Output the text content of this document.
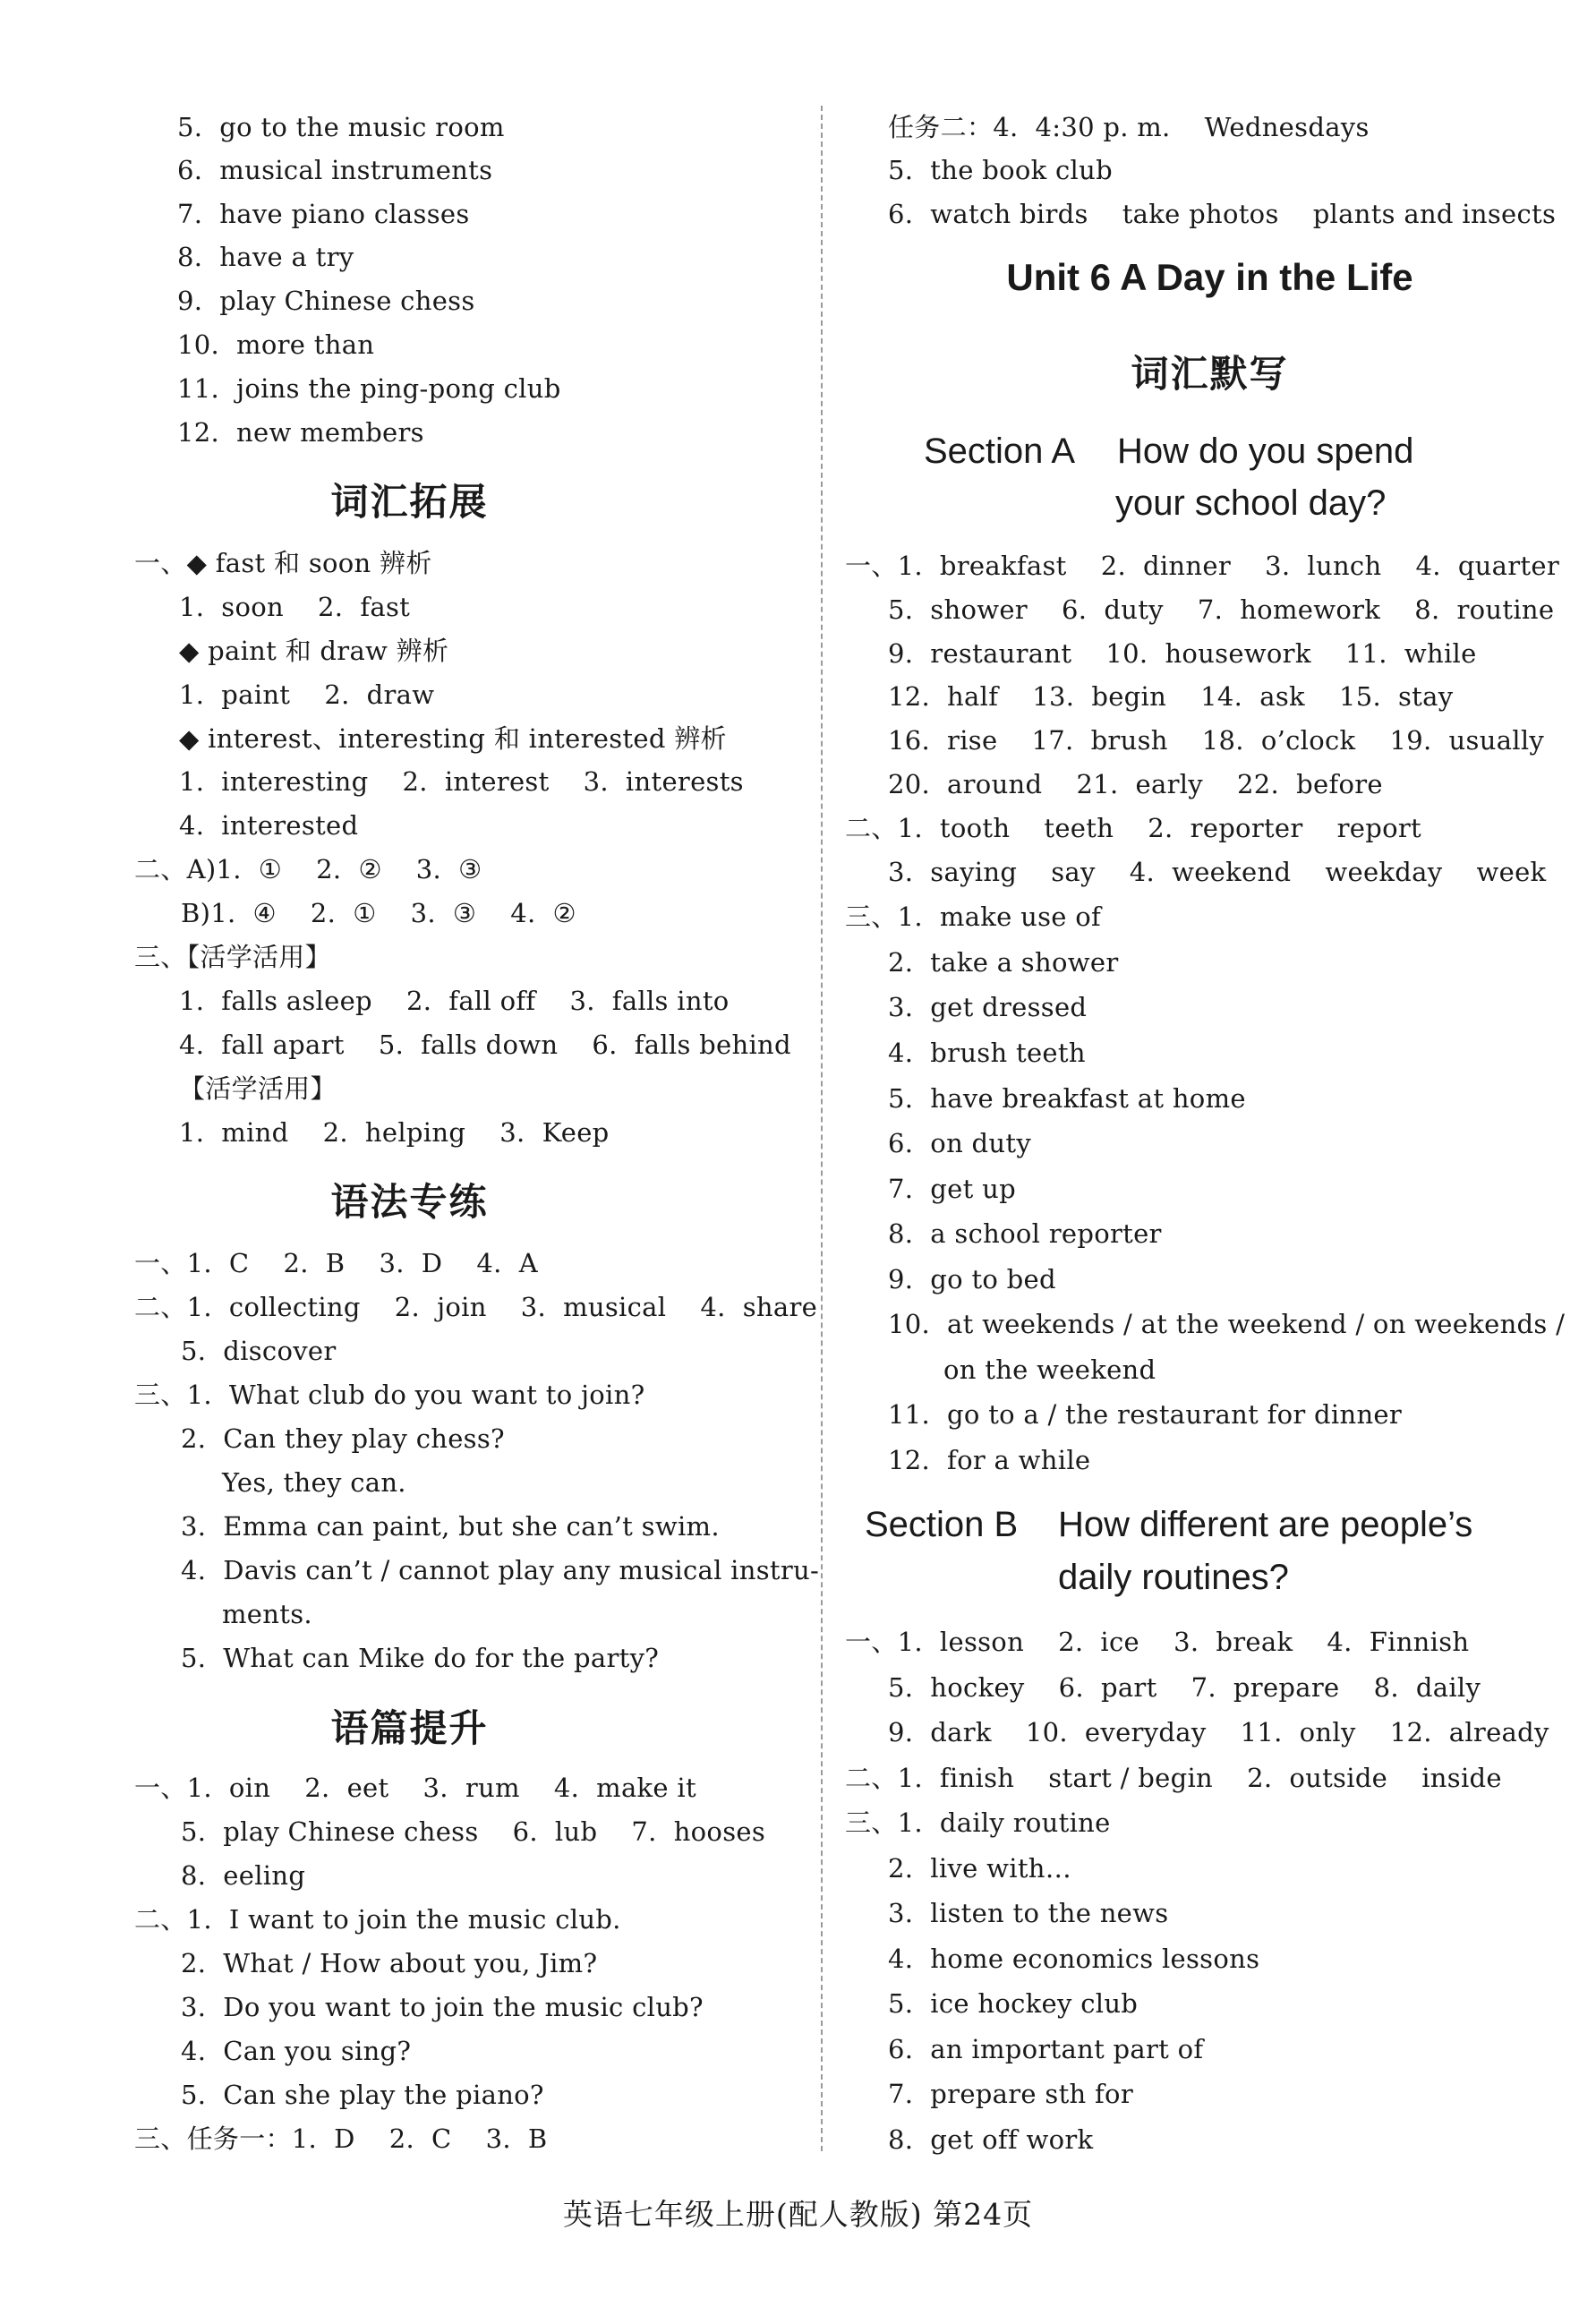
5.  go to the music room
6.  musical instruments
7.  have piano classes
8.  have a try
9.  play Chinese chess
10.  more than
11.  joins the ping-pong club
12.  new members
词汇拓展
一、◆ fast 和 soon 辨析
1.  soon    2.  fast
◆ paint 和 draw 辨析
1.  paint    2.  draw
◆ interest、interesting 和 interested 辨析
1.  interesting    2.  interest    3.  interests
4.  interested
二、A)1.  ①    2.  ②    3.  ③
B)1.  ④    2.  ①    3.  ③    4.  ②
三、【活学活用】
1.  falls asleep    2.  fall off    3.  falls into
4.  fall apart    5.  falls down    6.  falls behind
【活学活用】
1.  mind    2.  helping    3.  Keep
语法专练
一、1.  C    2.  B    3.  D    4.  A
二、1.  collecting    2.  join    3.  musical    4.  share
5.  discover
三、1.  What club do you want to join?
2.  Can they play chess?
Yes, they can.
3.  Emma can paint, but she can’t swim.
4.  Davis can’t / cannot play any musical instru-
ments.
5.  What can Mike do for the party?
语篇提升
一、1.  oin    2.  eet    3.  rum    4.  make it
5.  play Chinese chess    6.  lub    7.  hooses
8.  eeling
二、1.  I want to join the music club.
2.  What / How about you, Jim?
3.  Do you want to join the music club?
4.  Can you sing?
5.  Can she play the piano?
三、任务一：1.  D    2.  C    3.  B
任务二：4.  4:30 p. m.    Wednesdays
5.  the book club
6.  watch birds    take photos    plants and insects
Unit 6 A Day in the Life
词汇默写
Section A How do you spend
your school day?
一、1.  breakfast    2.  dinner    3.  lunch    4.  quarter
5.  shower    6.  duty    7.  homework    8.  routine
9.  restaurant    10.  housework    11.  while
12.  half    13.  begin    14.  ask    15.  stay
16.  rise    17.  brush    18.  o’clock    19.  usually
20.  around    21.  early    22.  before
二、1.  tooth    teeth    2.  reporter    report
3.  saying    say    4.  weekend    weekday    week
三、1.  make use of
2.  take a shower
3.  get dressed
4.  brush teeth
5.  have breakfast at home
6.  on duty
7.  get up
8.  a school reporter
9.  go to bed
10.  at weekends / at the weekend / on weekends /
on the weekend
11.  go to a / the restaurant for dinner
12.  for a while
Section B How different are people’s
daily routines?
一、1.  lesson    2.  ice    3.  break    4.  Finnish
5.  hockey    6.  part    7.  prepare    8.  daily
9.  dark    10.  everyday    11.  only    12.  already
二、1.  finish    start / begin    2.  outside    inside
三、1.  daily routine
2.  live with…
3.  listen to the news
4.  home economics lessons
5.  ice hockey club
6.  an important part of
7.  prepare sth for
8.  get off work
英语七年级上册(配人教版) 第24页
